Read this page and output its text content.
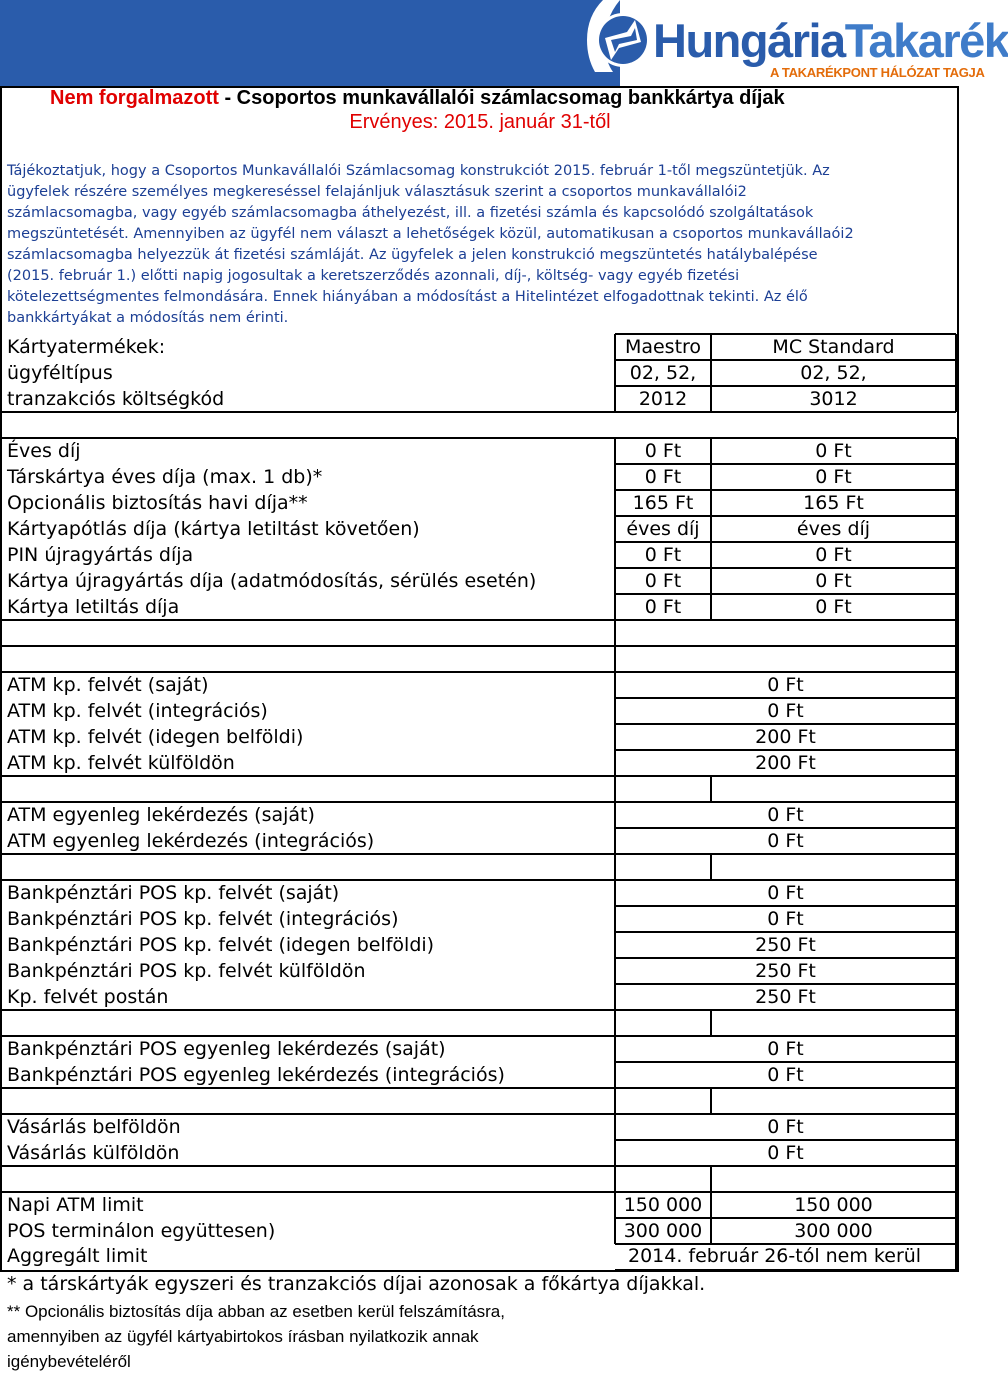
HungáriaTakarék
A TAKARÉKPONT HÁLÓZAT TAGJA
Nem forgalmazott - Csoportos munkavállalói számlacsomag bankkártya díjak
Ervényes: 2015. január 31-től
Tájékoztatjuk, hogy a Csoportos Munkavállalói Számlacsomag konstrukciót 2015. február 1-től megszüntetjük. Az
ügyfelek részére személyes megkereséssel felajánljuk választásuk szerint a csoportos munkavállalói2
számlacsomagba, vagy egyéb számlacsomagba áthelyezést, ill. a fizetési számla és kapcsolódó szolgáltatások
megszüntetését. Amennyiben az ügyfél nem választ a lehetőségek közül, automatikusan a csoportos munkavállaói2
számlacsomagba helyezzük át fizetési számláját. Az ügyfelek a jelen konstrukció megszüntetés hatálybalépése
(2015. február 1.) előtti napig jogosultak a keretszerződés azonnali, díj-, költség- vagy egyéb fizetési
kötelezettségmentes felmondására. Ennek hiányában a módosítást a Hitelintézet elfogadottnak tekinti. Az élő
bankkártyákat a módosítás nem érinti.
Kártyatermékek:	Maestro	MC Standard
ügyféltípus	02, 52,	02, 52,
tranzakciós költségkód	2012	3012
Éves díj	0 Ft	0 Ft
Társkártya éves díja (max. 1 db)*	0 Ft	0 Ft
Opcionális biztosítás havi díja**	165 Ft	165 Ft
Kártyapótlás díja (kártya letiltást követően)	éves díj	éves díj
PIN újragyártás díja	0 Ft	0 Ft
Kártya újragyártás díja (adatmódosítás, sérülés esetén)	0 Ft	0 Ft
Kártya letiltás díja	0 Ft	0 Ft
ATM kp. felvét (saját)	0 Ft
ATM kp. felvét (integrációs)	0 Ft
ATM kp. felvét (idegen belföldi)	200 Ft
ATM kp. felvét külföldön	200 Ft
ATM egyenleg lekérdezés (saját)	0 Ft
ATM egyenleg lekérdezés (integrációs)	0 Ft
Bankpénztári POS kp. felvét (saját)	0 Ft
Bankpénztári POS kp. felvét (integrációs)	0 Ft
Bankpénztári POS kp. felvét (idegen belföldi)	250 Ft
Bankpénztári POS kp. felvét külföldön	250 Ft
Kp. felvét postán	250 Ft
Bankpénztári POS egyenleg lekérdezés (saját)	0 Ft
Bankpénztári POS egyenleg lekérdezés (integrációs)	0 Ft
Vásárlás belföldön	0 Ft
Vásárlás külföldön	0 Ft
Napi ATM limit	150 000	150 000
POS terminálon együttesen)	300 000	300 000
Aggregált limit	2014. február 26-tól nem kerül
* a társkártyák egyszeri és tranzakciós díjai azonosak a főkártya díjakkal.
** Opcionális biztosítás díja abban az esetben kerül felszámításra,
amennyiben az ügyfél kártyabirtokos írásban nyilatkozik annak
igénybevételéről
